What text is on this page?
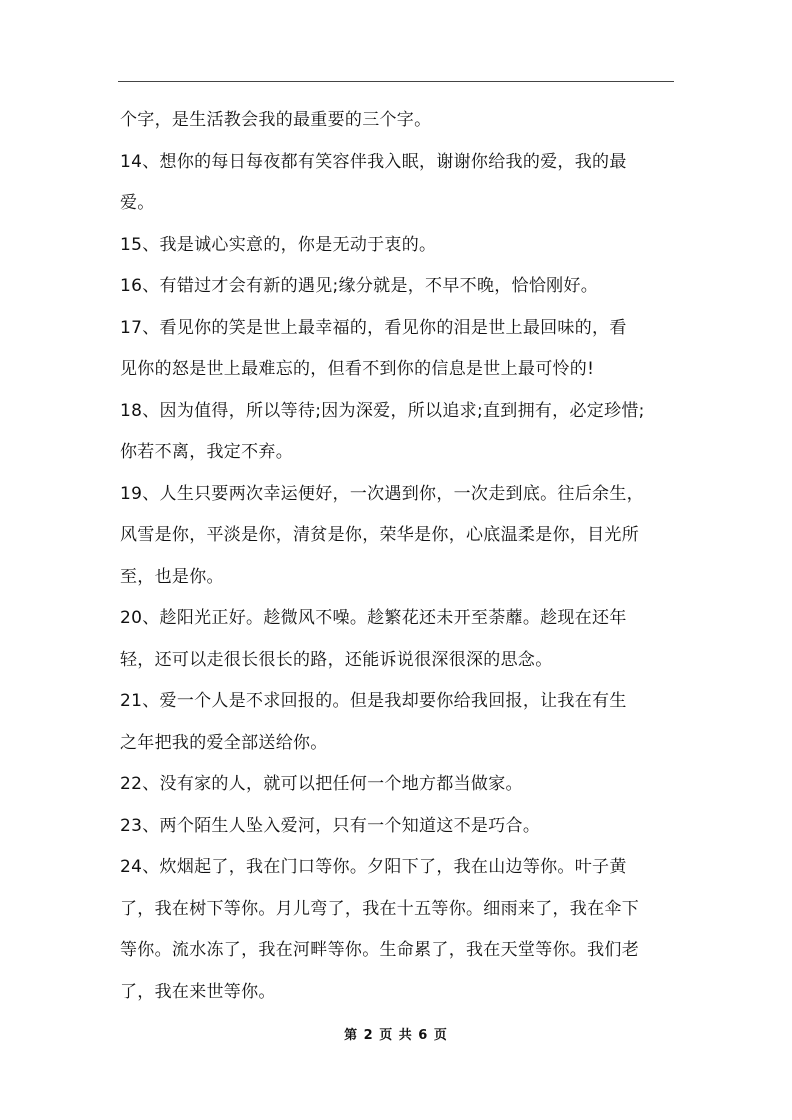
个字，是生活教会我的最重要的三个字。
14、想你的每日每夜都有笑容伴我入眠，谢谢你给我的爱，我的最
爱。
15、我是诚心实意的，你是无动于衷的。
16、有错过才会有新的遇见;缘分就是，不早不晚，恰恰刚好。
17、看见你的笑是世上最幸福的，看见你的泪是世上最回味的，看
见你的怒是世上最难忘的，但看不到你的信息是世上最可怜的!
18、因为值得，所以等待;因为深爱，所以追求;直到拥有，必定珍惜;
你若不离，我定不弃。
19、人生只要两次幸运便好，一次遇到你，一次走到底。往后余生，
风雪是你，平淡是你，清贫是你，荣华是你，心底温柔是你，目光所
至，也是你。
20、趁阳光正好。趁微风不噪。趁繁花还未开至荼蘼。趁现在还年
轻，还可以走很长很长的路，还能诉说很深很深的思念。
21、爱一个人是不求回报的。但是我却要你给我回报，让我在有生
之年把我的爱全部送给你。
22、没有家的人，就可以把任何一个地方都当做家。
23、两个陌生人坠入爱河，只有一个知道这不是巧合。
24、炊烟起了，我在门口等你。夕阳下了，我在山边等你。叶子黄
了，我在树下等你。月儿弯了，我在十五等你。细雨来了，我在伞下
等你。流水冻了，我在河畔等你。生命累了，我在天堂等你。我们老
了，我在来世等你。
第 2 页 共 6 页
